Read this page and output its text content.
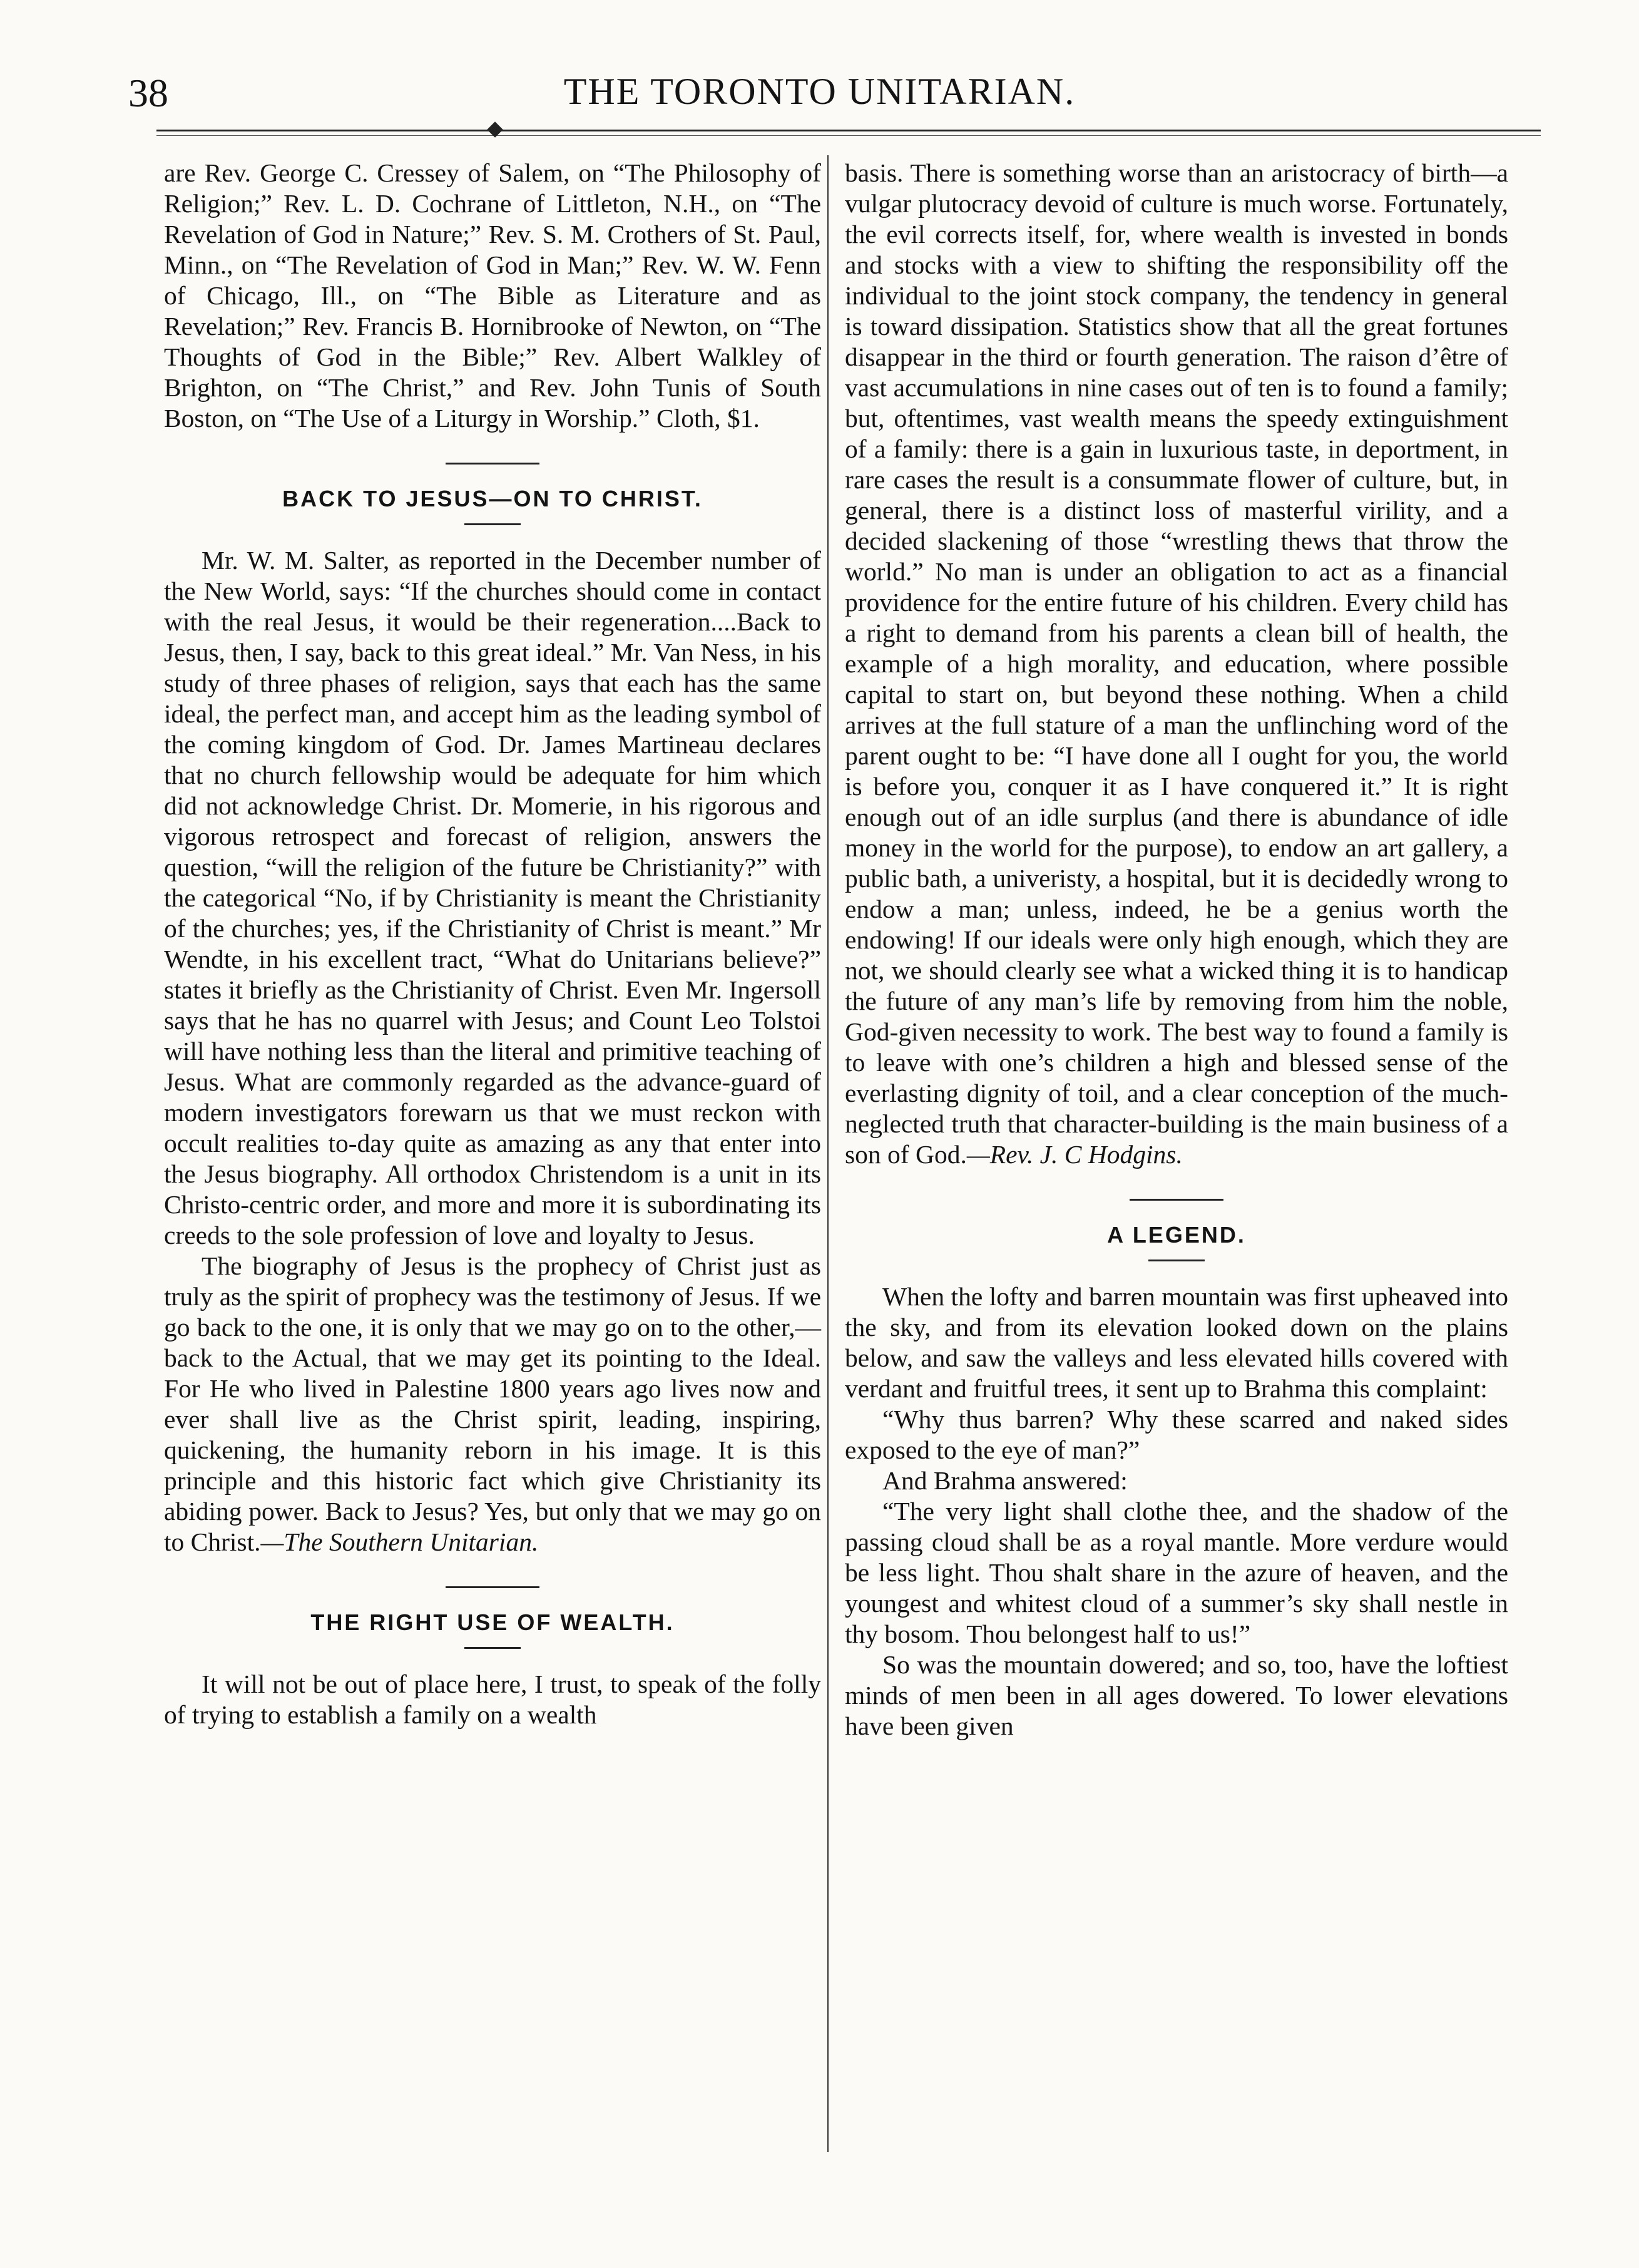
38	THE TORONTO UNITARIAN.

are Rev. George C. Cressey of Salem, on “The Philosophy of Religion;” Rev. L. D. Cochrane of Littleton, N.H., on “The Revelation of God in Nature;” Rev. S. M. Crothers of St. Paul, Minn., on “The Revelation of God in Man;” Rev. W. W. Fenn of Chicago, Ill., on “The Bible as Literature and as Revelation;” Rev. Francis B. Hornibrooke of Newton, on “The Thoughts of God in the Bible;” Rev. Albert Walkley of Brighton, on “The Christ,” and Rev. John Tunis of South Boston, on “The Use of a Liturgy in Worship.” Cloth, $1.

BACK TO JESUS—ON TO CHRIST.

Mr. W. M. Salter, as reported in the December number of the New World, says: “If the churches should come in contact with the real Jesus, it would be their regeneration....Back to Jesus, then, I say, back to this great ideal.” Mr. Van Ness, in his study of three phases of religion, says that each has the same ideal, the perfect man, and accept him as the leading symbol of the coming kingdom of God. Dr. James Martineau declares that no church fellowship would be adequate for him which did not acknowledge Christ. Dr. Momerie, in his rigorous and vigorous retrospect and forecast of religion, answers the question, “will the religion of the future be Christianity?” with the categorical “No, if by Christianity is meant the Christianity of the churches; yes, if the Christianity of Christ is meant.” Mr Wendte, in his excellent tract, “What do Unitarians believe?” states it briefly as the Christianity of Christ. Even Mr. Ingersoll says that he has no quarrel with Jesus; and Count Leo Tolstoi will have nothing less than the literal and primitive teaching of Jesus. What are commonly regarded as the advance-guard of modern investigators forewarn us that we must reckon with occult realities to-day quite as amazing as any that enter into the Jesus biography. All orthodox Christendom is a unit in its Christo-centric order, and more and more it is subordinating its creeds to the sole profession of love and loyalty to Jesus.

The biography of Jesus is the prophecy of Christ just as truly as the spirit of prophecy was the testimony of Jesus. If we go back to the one, it is only that we may go on to the other,—back to the Actual, that we may get its pointing to the Ideal. For He who lived in Palestine 1800 years ago lives now and ever shall live as the Christ spirit, leading, inspiring, quickening, the humanity reborn in his image. It is this principle and this historic fact which give Christianity its abiding power. Back to Jesus? Yes, but only that we may go on to Christ.—The Southern Unitarian.

THE RIGHT USE OF WEALTH.

It will not be out of place here, I trust, to speak of the folly of trying to establish a family on a wealth

basis. There is something worse than an aristocracy of birth—a vulgar plutocracy devoid of culture is much worse. Fortunately, the evil corrects itself, for, where wealth is invested in bonds and stocks with a view to shifting the responsibility off the individual to the joint stock company, the tendency in general is toward dissipation. Statistics show that all the great fortunes disappear in the third or fourth generation. The raison d’être of vast accumulations in nine cases out of ten is to found a family; but, oftentimes, vast wealth means the speedy extinguishment of a family: there is a gain in luxurious taste, in deportment, in rare cases the result is a consummate flower of culture, but, in general, there is a distinct loss of masterful virility, and a decided slackening of those “wrestling thews that throw the world.” No man is under an obligation to act as a financial providence for the entire future of his children. Every child has a right to demand from his parents a clean bill of health, the example of a high morality, and education, where possible capital to start on, but beyond these nothing. When a child arrives at the full stature of a man the unflinching word of the parent ought to be: “I have done all I ought for you, the world is before you, conquer it as I have conquered it.” It is right enough out of an idle surplus (and there is abundance of idle money in the world for the purpose), to endow an art gallery, a public bath, a univeristy, a hospital, but it is decidedly wrong to endow a man; unless, indeed, he be a genius worth the endowing! If our ideals were only high enough, which they are not, we should clearly see what a wicked thing it is to handicap the future of any man’s life by removing from him the noble, God-given necessity to work. The best way to found a family is to leave with one’s children a high and blessed sense of the everlasting dignity of toil, and a clear conception of the much-neglected truth that character-building is the main business of a son of God.—Rev. J. C Hodgins.

A LEGEND.

When the lofty and barren mountain was first upheaved into the sky, and from its elevation looked down on the plains below, and saw the valleys and less elevated hills covered with verdant and fruitful trees, it sent up to Brahma this complaint:

“Why thus barren? Why these scarred and naked sides exposed to the eye of man?”

And Brahma answered:

“The very light shall clothe thee, and the shadow of the passing cloud shall be as a royal mantle. More verdure would be less light. Thou shalt share in the azure of heaven, and the youngest and whitest cloud of a summer’s sky shall nestle in thy bosom. Thou belongest half to us!”

So was the mountain dowered; and so, too, have the loftiest minds of men been in all ages dowered. To lower elevations have been given
